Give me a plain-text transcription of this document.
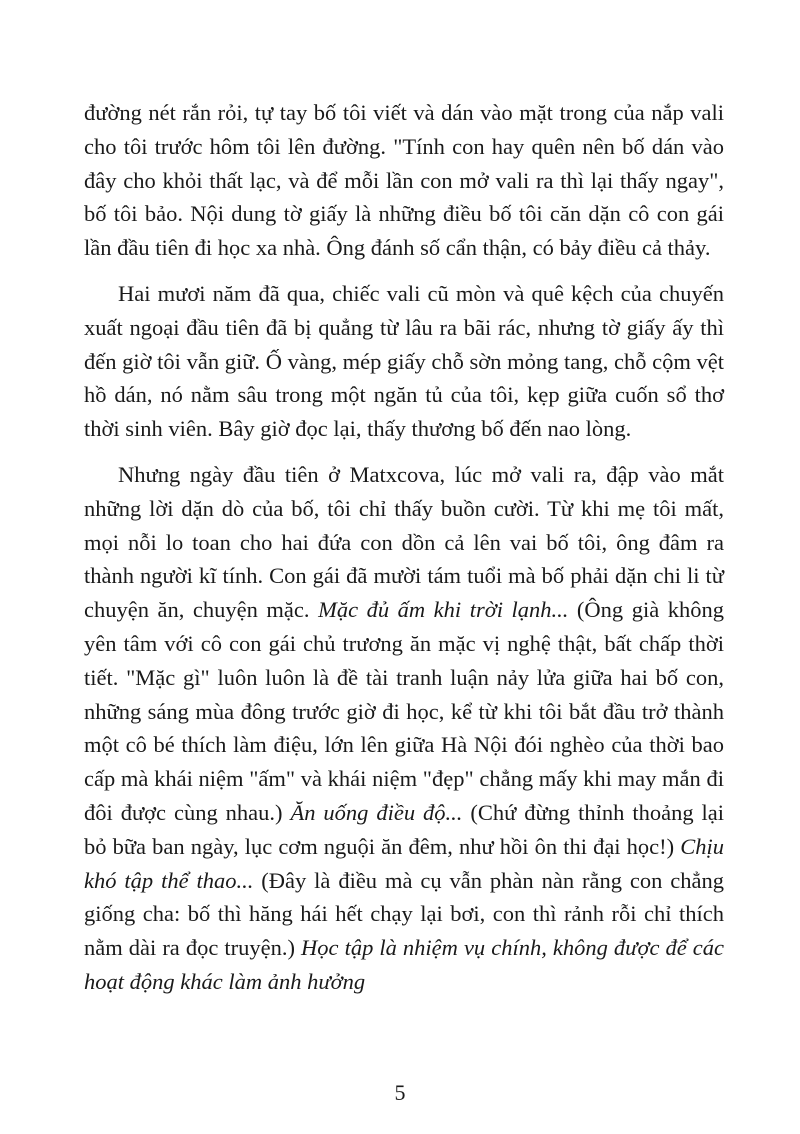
đường nét rắn rỏi, tự tay bố tôi viết và dán vào mặt trong của nắp vali cho tôi trước hôm tôi lên đường. "Tính con hay quên nên bố dán vào đây cho khỏi thất lạc, và để mỗi lần con mở vali ra thì lại thấy ngay", bố tôi bảo. Nội dung tờ giấy là những điều bố tôi căn dặn cô con gái lần đầu tiên đi học xa nhà. Ông đánh số cẩn thận, có bảy điều cả thảy.

Hai mươi năm đã qua, chiếc vali cũ mòn và quê kệch của chuyến xuất ngoại đầu tiên đã bị quẳng từ lâu ra bãi rác, nhưng tờ giấy ấy thì đến giờ tôi vẫn giữ. Ố vàng, mép giấy chỗ sờn mỏng tang, chỗ cộm vệt hồ dán, nó nằm sâu trong một ngăn tủ của tôi, kẹp giữa cuốn sổ thơ thời sinh viên. Bây giờ đọc lại, thấy thương bố đến nao lòng.

Nhưng ngày đầu tiên ở Matxcova, lúc mở vali ra, đập vào mắt những lời dặn dò của bố, tôi chỉ thấy buồn cười. Từ khi mẹ tôi mất, mọi nỗi lo toan cho hai đứa con dồn cả lên vai bố tôi, ông đâm ra thành người kĩ tính. Con gái đã mười tám tuổi mà bố phải dặn chi li từ chuyện ăn, chuyện mặc. Mặc đủ ấm khi trời lạnh... (Ông già không yên tâm với cô con gái chủ trương ăn mặc vị nghệ thật, bất chấp thời tiết. "Mặc gì" luôn luôn là đề tài tranh luận nảy lửa giữa hai bố con, những sáng mùa đông trước giờ đi học, kể từ khi tôi bắt đầu trở thành một cô bé thích làm điệu, lớn lên giữa Hà Nội đói nghèo của thời bao cấp mà khái niệm "ấm" và khái niệm "đẹp" chẳng mấy khi may mắn đi đôi được cùng nhau.) Ăn uống điều độ... (Chứ đừng thỉnh thoảng lại bỏ bữa ban ngày, lục cơm nguội ăn đêm, như hồi ôn thi đại học!) Chịu khó tập thể thao... (Đây là điều mà cụ vẫn phàn nàn rằng con chẳng giống cha: bố thì hăng hái hết chạy lại bơi, con thì rảnh rỗi chỉ thích nằm dài ra đọc truyện.) Học tập là nhiệm vụ chính, không được để các hoạt động khác làm ảnh hưởng

5
